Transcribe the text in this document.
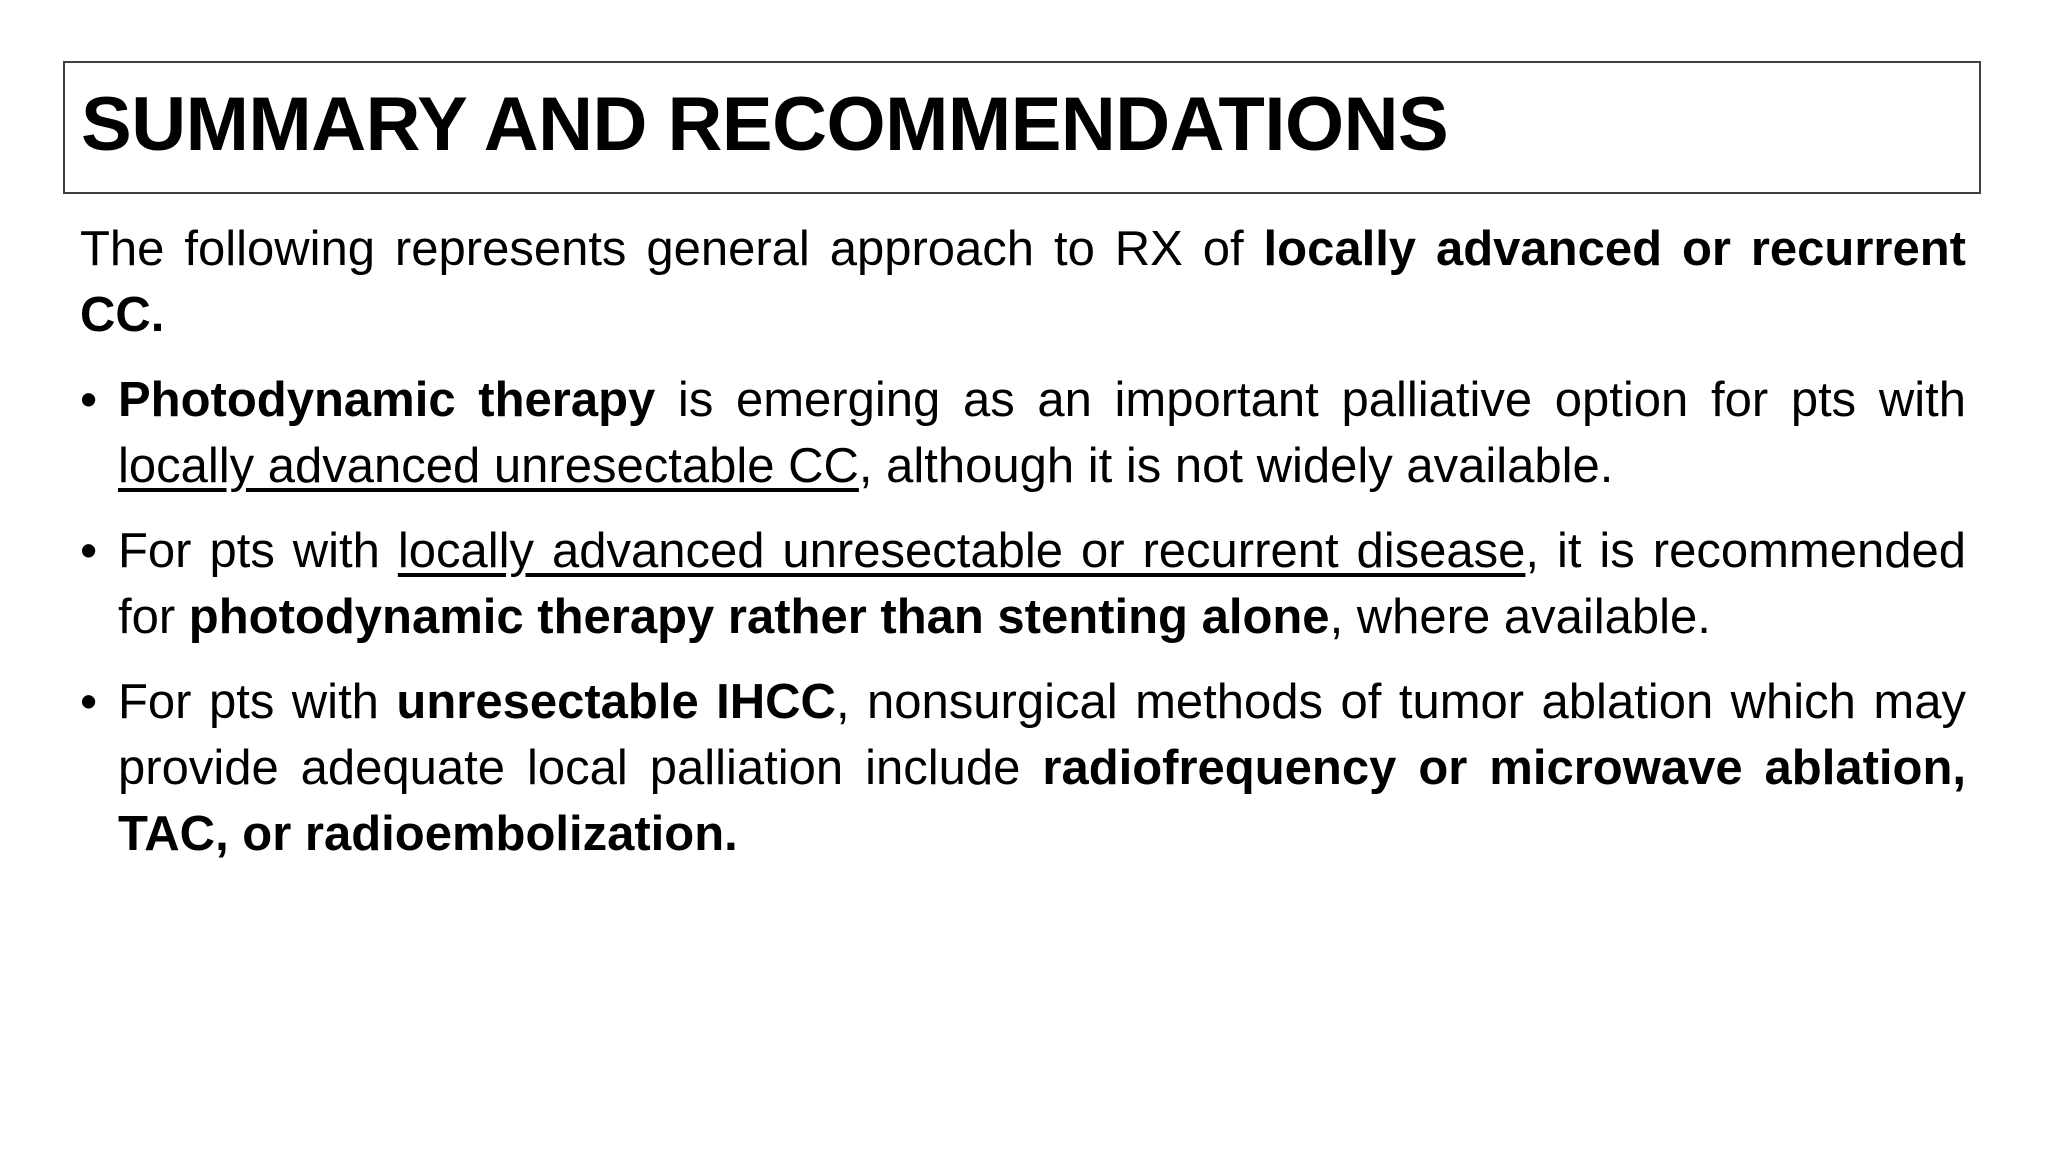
SUMMARY AND RECOMMENDATIONS

The following represents general approach to RX of locally advanced or recurrent CC.

• Photodynamic therapy is emerging as an important palliative option for pts with locally advanced unresectable CC, although it is not widely available.
• For pts with locally advanced unresectable or recurrent disease, it is recommended for photodynamic therapy rather than stenting alone, where available.
• For pts with unresectable IHCC, nonsurgical methods of tumor ablation which may provide adequate local palliation include radiofrequency or microwave ablation, TAC, or radioembolization.
